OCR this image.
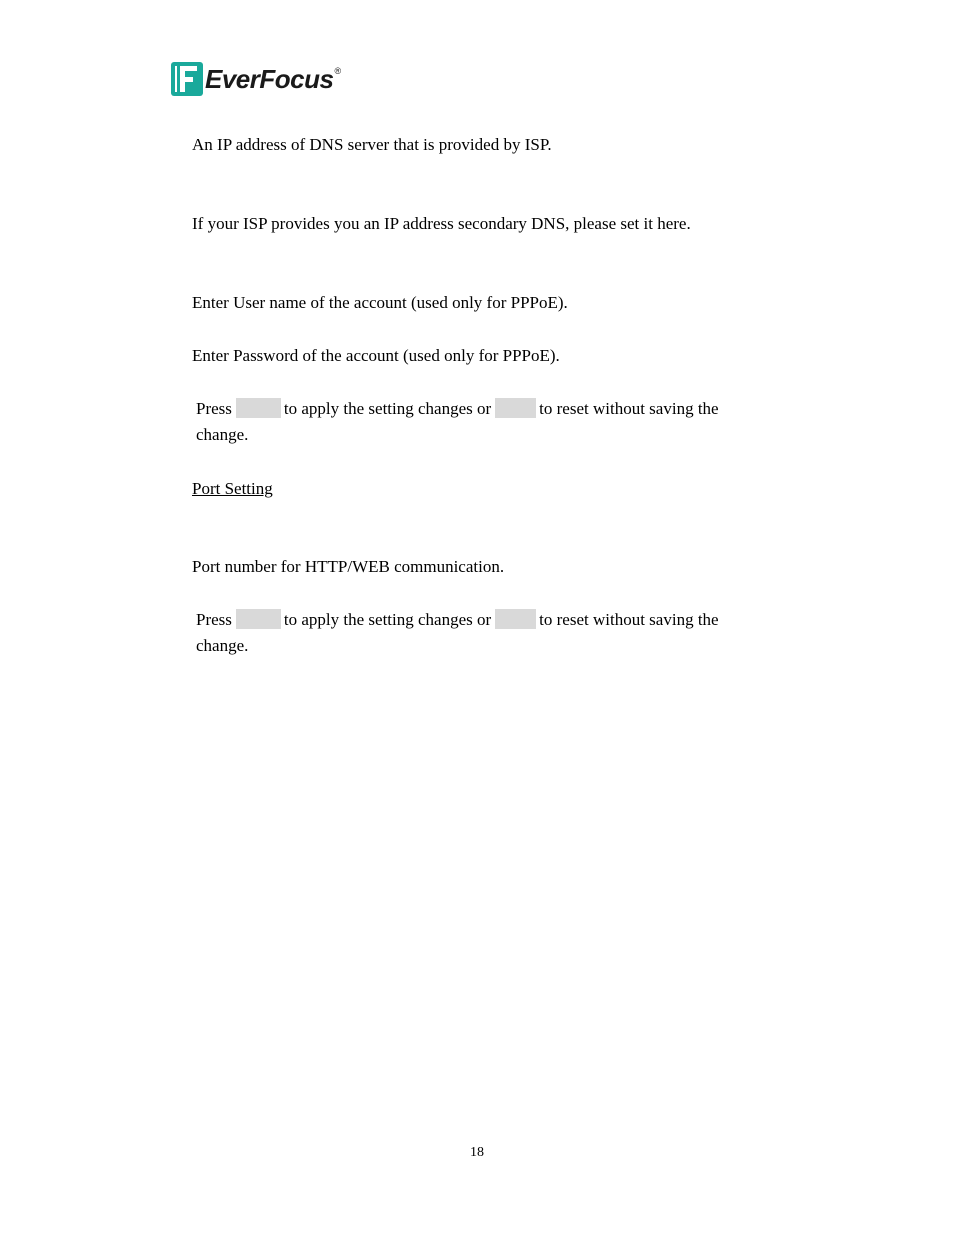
EverFocus ®

An IP address of DNS server that is provided by ISP.

If your ISP provides you an IP address secondary DNS, please set it here.

Enter User name of the account (used only for PPPoE).

Enter Password of the account (used only for PPPoE).

Press	to apply the setting changes or	to reset without saving the change.

Port Setting

Port number for HTTP/WEB communication.

Press	to apply the setting changes or	to reset without saving the change.

18
